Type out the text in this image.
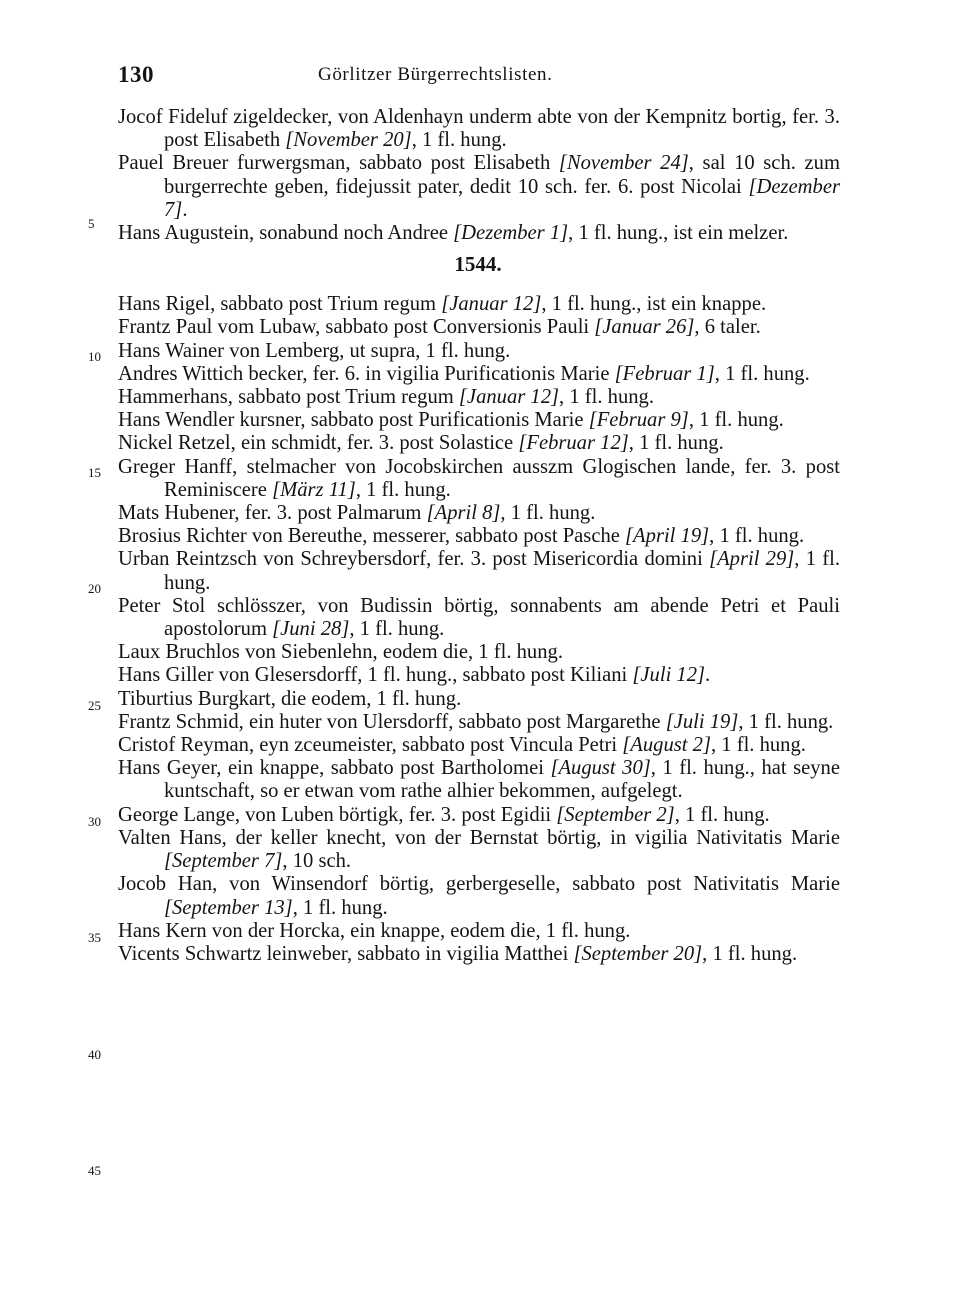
130	Görlitzer Bürgerrechtslisten.
5
10
15
20
25
30
35
40
45
Jocof Fideluf zigeldecker, von Aldenhayn underm abte von der Kempnitz bortig, fer. 3. post Elisabeth [November 20], 1 fl. hung.
Pauel Breuer furwergsman, sabbato post Elisabeth [November 24], sal 10 sch. zum burgerrechte geben, fidejussit pater, dedit 10 sch. fer. 6. post Nicolai [Dezember 7].
Hans Augustein, sonabund noch Andree [Dezember 1], 1 fl. hung., ist ein melzer.
1544.
Hans Rigel, sabbato post Trium regum [Januar 12], 1 fl. hung., ist ein knappe.
Frantz Paul vom Lubaw, sabbato post Conversionis Pauli [Januar 26], 6 taler.
Hans Wainer von Lemberg, ut supra, 1 fl. hung.
Andres Wittich becker, fer. 6. in vigilia Purificationis Marie [Februar 1], 1 fl. hung.
Hammerhans, sabbato post Trium regum [Januar 12], 1 fl. hung.
Hans Wendler kursner, sabbato post Purificationis Marie [Februar 9], 1 fl. hung.
Nickel Retzel, ein schmidt, fer. 3. post Solastice [Februar 12], 1 fl. hung.
Greger Hanff, stelmacher von Jocobskirchen ausszm Glogischen lande, fer. 3. post Reminiscere [März 11], 1 fl. hung.
Mats Hubener, fer. 3. post Palmarum [April 8], 1 fl. hung.
Brosius Richter von Bereuthe, messerer, sabbato post Pasche [April 19], 1 fl. hung.
Urban Reintzsch von Schreybersdorf, fer. 3. post Misericordia domini [April 29], 1 fl. hung.
Peter Stol schlösszer, von Budissin börtig, sonnabents am abende Petri et Pauli apostolorum [Juni 28], 1 fl. hung.
Laux Bruchlos von Siebenlehn, eodem die, 1 fl. hung.
Hans Giller von Glesersdorff, 1 fl. hung., sabbato post Kiliani [Juli 12].
Tiburtius Burgkart, die eodem, 1 fl. hung.
Frantz Schmid, ein huter von Ulersdorff, sabbato post Margarethe [Juli 19], 1 fl. hung.
Cristof Reyman, eyn zceumeister, sabbato post Vincula Petri [August 2], 1 fl. hung.
Hans Geyer, ein knappe, sabbato post Bartholomei [August 30], 1 fl. hung., hat seyne kuntschaft, so er etwan vom rathe alhier bekommen, aufgelegt.
George Lange, von Luben börtigk, fer. 3. post Egidii [September 2], 1 fl. hung.
Valten Hans, der keller knecht, von der Bernstat börtig, in vigilia Nativitatis Marie [September 7], 10 sch.
Jocob Han, von Winsendorf börtig, gerbergeselle, sabbato post Nativitatis Marie [September 13], 1 fl. hung.
Hans Kern von der Horcka, ein knappe, eodem die, 1 fl. hung.
Vicents Schwartz leinweber, sabbato in vigilia Matthei [September 20], 1 fl. hung.
